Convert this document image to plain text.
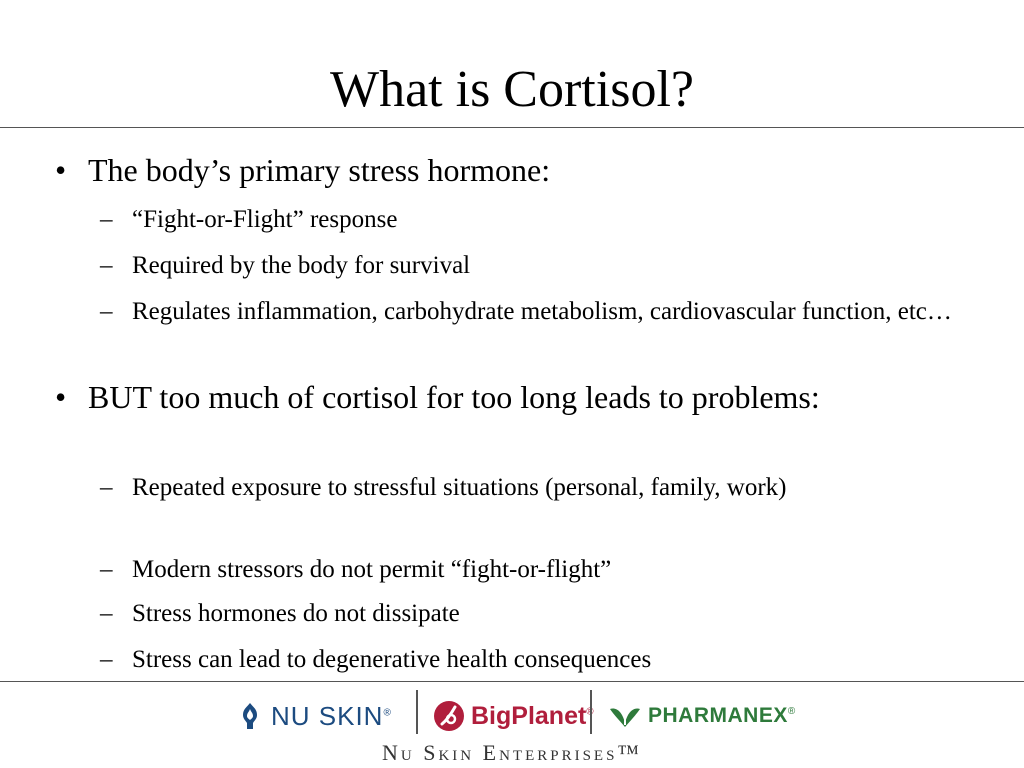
What is Cortisol?
• The body’s primary stress hormone:
– “Fight-or-Flight” response
– Required by the body for survival
– Regulates inflammation, carbohydrate metabolism, cardiovascular function, etc…
• BUT too much of cortisol for too long leads to problems:
– Repeated exposure to stressful situations (personal, family, work)
– Modern stressors do not permit “fight-or-flight”
– Stress hormones do not dissipate
– Stress can lead to degenerative health consequences
NU SKIN®	BigPlanet®	PHARMANEX®
Nu Skin Enterprises™
